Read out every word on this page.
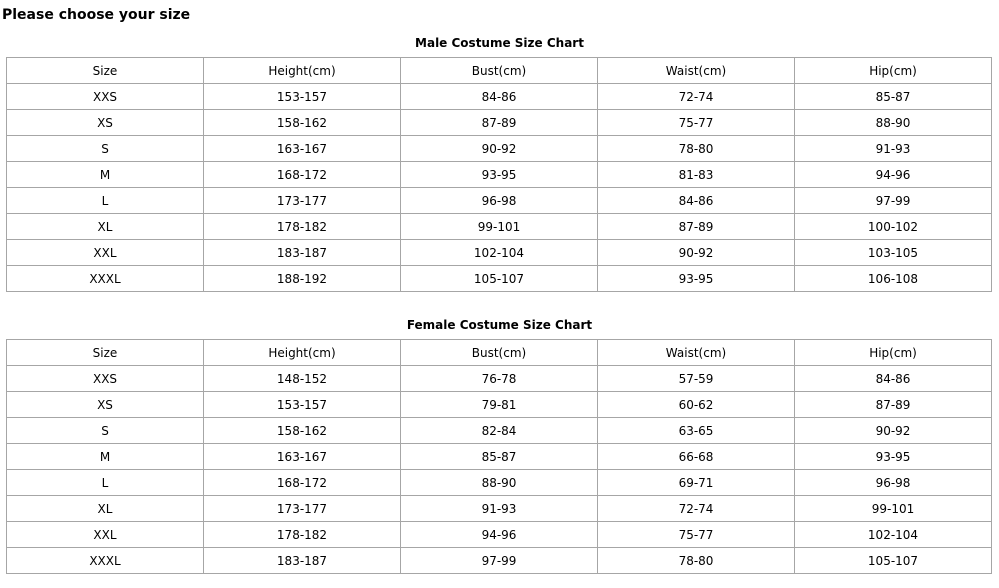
Please choose your size
Male Costume Size Chart
Size	Height(cm)	Bust(cm)	Waist(cm)	Hip(cm)
XXS	153-157	84-86	72-74	85-87
XS	158-162	87-89	75-77	88-90
S	163-167	90-92	78-80	91-93
M	168-172	93-95	81-83	94-96
L	173-177	96-98	84-86	97-99
XL	178-182	99-101	87-89	100-102
XXL	183-187	102-104	90-92	103-105
XXXL	188-192	105-107	93-95	106-108
Female Costume Size Chart
Size	Height(cm)	Bust(cm)	Waist(cm)	Hip(cm)
XXS	148-152	76-78	57-59	84-86
XS	153-157	79-81	60-62	87-89
S	158-162	82-84	63-65	90-92
M	163-167	85-87	66-68	93-95
L	168-172	88-90	69-71	96-98
XL	173-177	91-93	72-74	99-101
XXL	178-182	94-96	75-77	102-104
XXXL	183-187	97-99	78-80	105-107
